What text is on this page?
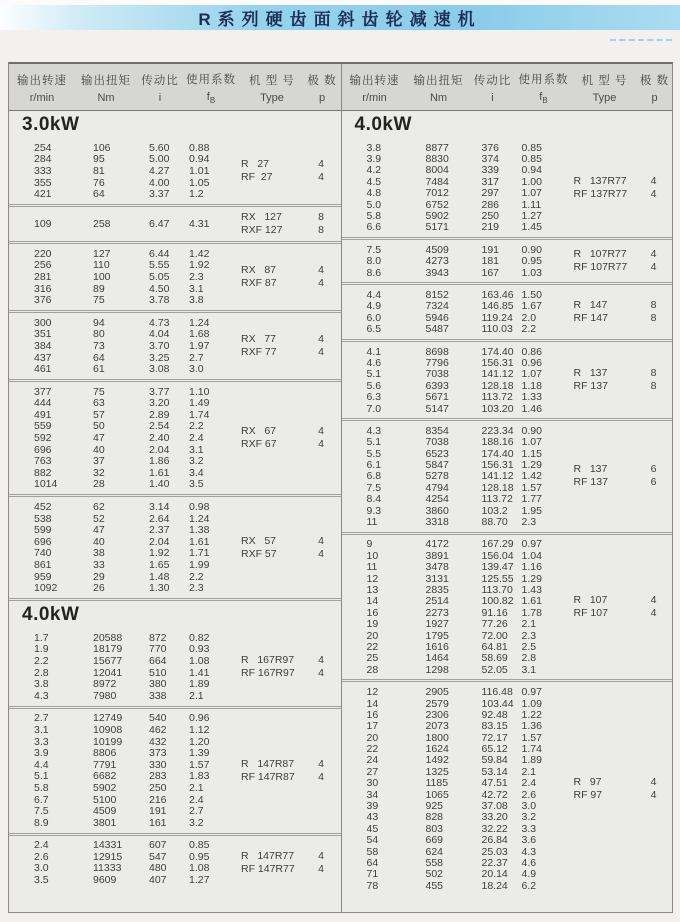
R系列硬齿面斜齿轮减速机
输出转速
r/min
输出扭矩
Nm
传动比
i
使用系数
$f_B$
机 型 号
Type
极 数
p
3.0kW
254	106	5.60	0.88
284	95	5.00	0.94
333	81	4.27	1.01
355	76	4.00	1.05
421	64	3.37	1.2
R   27
RF  27
4
4
109	258	6.47	4.31
RX   127
RXF 127
8
8
220	127	6.44	1.42
256	110	5.55	1.92
281	100	5.05	2.3
316	89	4.50	3.1
376	75	3.78	3.8
RX   87
RXF 87
4
4
300	94	4.73	1.24
351	80	4.04	1.68
384	73	3.70	1.97
437	64	3.25	2.7
461	61	3.08	3.0
RX   77
RXF 77
4
4
377	75	3.77	1.10
444	63	3.20	1.49
491	57	2.89	1.74
559	50	2.54	2.2
592	47	2.40	2.4
696	40	2.04	3.1
763	37	1.86	3.2
882	32	1.61	3.4
1014	28	1.40	3.5
RX   67
RXF 67
4
4
452	62	3.14	0.98
538	52	2.64	1.24
599	47	2.37	1.38
696	40	2.04	1.61
740	38	1.92	1.71
861	33	1.65	1.99
959	29	1.48	2.2
1092	26	1.30	2.3
RX   57
RXF 57
4
4
4.0kW
1.7	20588	872	0.82
1.9	18179	770	0.93
2.2	15677	664	1.08
2.8	12041	510	1.41
3.8	8972	380	1.89
4.3	7980	338	2.1
R   167R97
RF 167R97
4
4
2.7	12749	540	0.96
3.1	10908	462	1.12
3.3	10199	432	1.20
3.9	8806	373	1.39
4.4	7791	330	1.57
5.1	6682	283	1.83
5.8	5902	250	2.1
6.7	5100	216	2.4
7.5	4509	191	2.7
8.9	3801	161	3.2
R   147R87
RF 147R87
4
4
2.4	14331	607	0.85
2.6	12915	547	0.95
3.0	11333	480	1.08
3.5	9609	407	1.27
R   147R77
RF 147R77
4
4
输出转速
r/min
输出扭矩
Nm
传动比
i
使用系数
$f_B$
机 型 号
Type
极 数
p
4.0kW
3.8	8877	376	0.85
3.9	8830	374	0.85
4.2	8004	339	0.94
4.5	7484	317	1.00
4.8	7012	297	1.07
5.0	6752	286	1.11
5.8	5902	250	1.27
6.6	5171	219	1.45
R   137R77
RF 137R77
4
4
7.5	4509	191	0.90
8.0	4273	181	0.95
8.6	3943	167	1.03
R   107R77
RF 107R77
4
4
4.4	8152	163.46 1.50
4.9	7324	146.85 1.67
6.0	5946	119.24 2.0
6.5	5487	110.03 2.2
R   147
RF 147
8
8
4.1	8698	174.40 0.86
4.6	7796	156.31 0.96
5.1	7038	141.12 1.07
5.6	6393	128.18 1.18
6.3	5671	113.72 1.33
7.0	5147	103.20 1.46
R   137
RF 137
8
8
4.3	8354	223.34 0.90
5.1	7038	188.16 1.07
5.5	6523	174.40 1.15
6.1	5847	156.31 1.29
6.8	5278	141.12 1.42
7.5	4794	128.18 1.57
8.4	4254	113.72 1.77
9.3	3860	103.2	1.95
11	3318	88.70	2.3
R   137
RF 137
6
6
9	4172	167.29 0.97
10	3891	156.04 1.04
11	3478	139.47 1.16
12	3131	125.55 1.29
13	2835	113.70 1.43
14	2514	100.82 1.61
16	2273	91.16	1.78
19	1927	77.26	2.1
20	1795	72.00	2.3
22	1616	64.81	2.5
25	1464	58.69	2.8
28	1298	52.05	3.1
R   107
RF 107
4
4
12	2905	116.48 0.97
14	2579	103.44 1.09
16	2306	92.48	1.22
17	2073	83.15	1.36
20	1800	72.17	1.57
22	1624	65.12	1.74
24	1492	59.84	1.89
27	1325	53.14	2.1
30	1185	47.51	2.4
34	1065	42.72	2.6
39	925	37.08	3.0
43	828	33.20	3.2
45	803	32.22	3.3
54	669	26.84	3.6
58	624	25.03	4.3
64	558	22.37	4.6
71	502	20.14	4.9
78	455	18.24	6.2
R   97
RF 97
4
4
